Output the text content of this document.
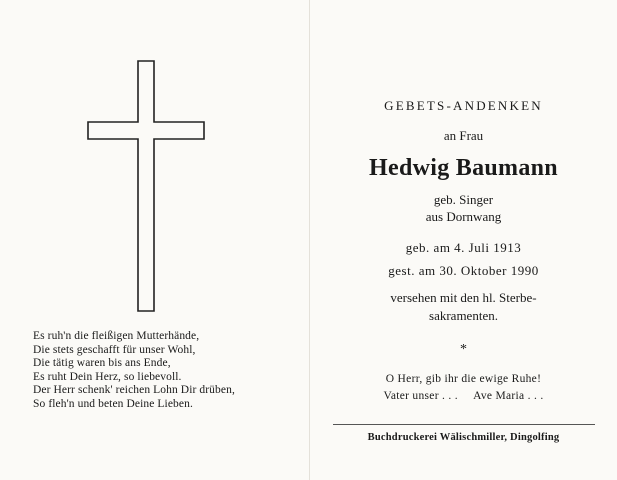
Es ruh'n die fleißigen Mutterhände,
Die stets geschafft für unser Wohl,
Die tätig waren bis ans Ende,
Es ruht Dein Herz, so liebevoll.
Der Herr schenk' reichen Lohn Dir drüben,
So fleh'n und beten Deine Lieben.
GEBETS-ANDENKEN
an Frau
Hedwig Baumann
geb. Singer
aus Dornwang
geb. am 4. Juli 1913
gest. am 30. Oktober 1990
versehen mit den hl. Sterbe-
sakramenten.
*
O Herr, gib ihr die ewige Ruhe!
Vater unser . . .     Ave Maria . . .
Buchdruckerei Wälischmiller, Dingolfing
